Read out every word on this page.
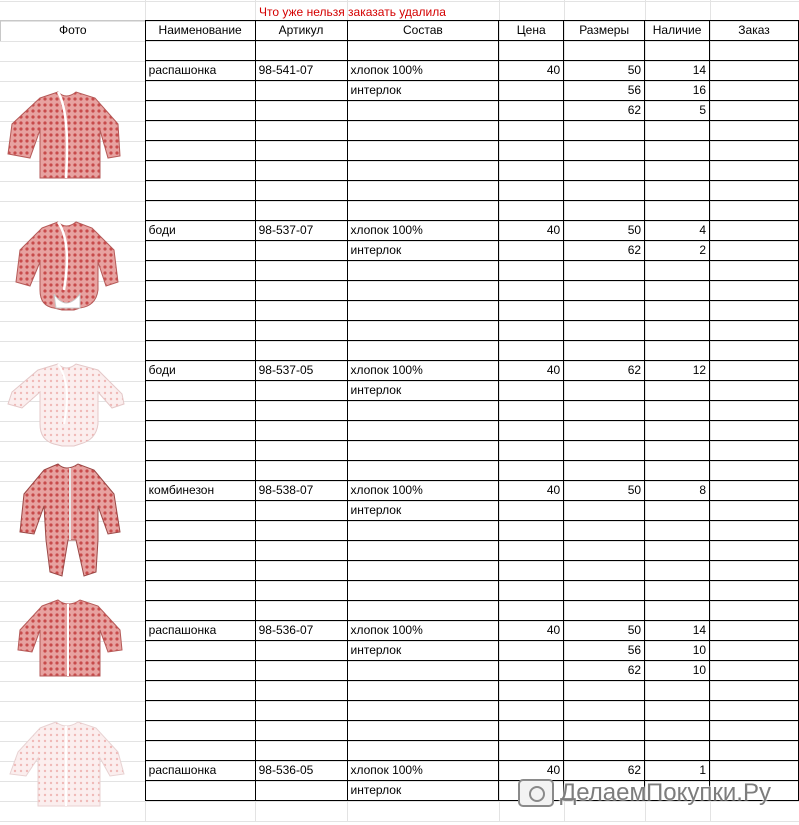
Что уже нельзя заказать удалила
Фото	Наименование	Артикул	Состав	Цена	Размеры	Наличие	Заказ

	распашонка	98-541-07	хлопок 100%	40	50	14	
			интерлок		56	16	
					62	5	

	боди	98-537-07	хлопок 100%	40	50	4	
			интерлок		62	2	

	боди	98-537-05	хлопок 100%	40	62	12	
			интерлок				

	комбинезон	98-538-07	хлопок 100%	40	50	8	
			интерлок				

	распашонка	98-536-07	хлопок 100%	40	50	14	
			интерлок		56	10	
					62	10	

	распашонка	98-536-05	хлопок 100%	40	62	1	
			интерлок					ДелаемПокупки.Ру
